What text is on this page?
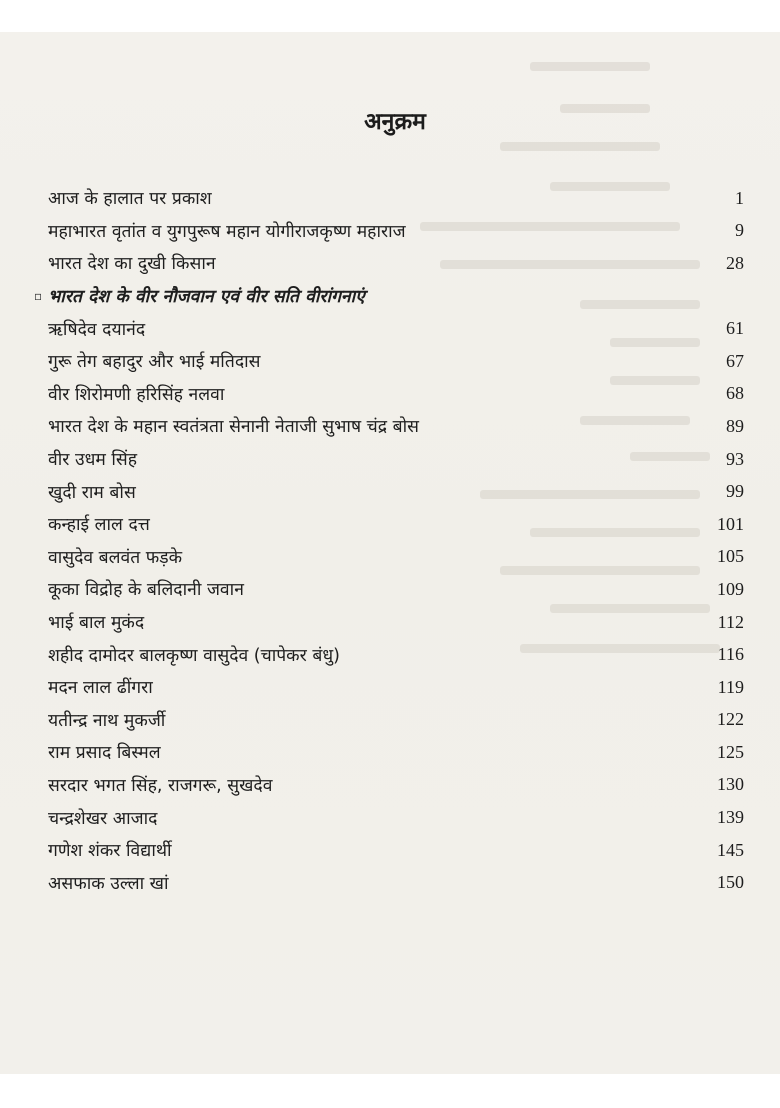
अनुक्रम
आज के हालात पर प्रकाश	1
महाभारत वृतांत व युगपुरूष महान योगीराजकृष्ण महाराज	9
भारत देश का दुखी किसान	28
▫ भारत देश के वीर नौजवान एवं वीर सति वीरांगनाएं
ऋषिदेव दयानंद	61
गुरू तेग बहादुर और भाई मतिदास	67
वीर शिरोमणी हरिसिंह नलवा	68
भारत देश के महान स्वतंत्रता सेनानी नेताजी सुभाष चंद्र बोस	89
वीर उधम सिंह	93
खुदी राम बोस	99
कन्हाई लाल दत्त	101
वासुदेव बलवंत फड़के	105
कूका विद्रोह के बलिदानी जवान	109
भाई बाल मुकंद	112
शहीद दामोदर बालकृष्ण वासुदेव (चापेकर बंधु)	116
मदन लाल ढींगरा	119
यतीन्द्र नाथ मुकर्जी	122
राम प्रसाद बिस्मल	125
सरदार भगत सिंह, राजगरू, सुखदेव	130
चन्द्रशेखर आजाद	139
गणेश शंकर विद्यार्थी	145
असफाक उल्ला खां	150
